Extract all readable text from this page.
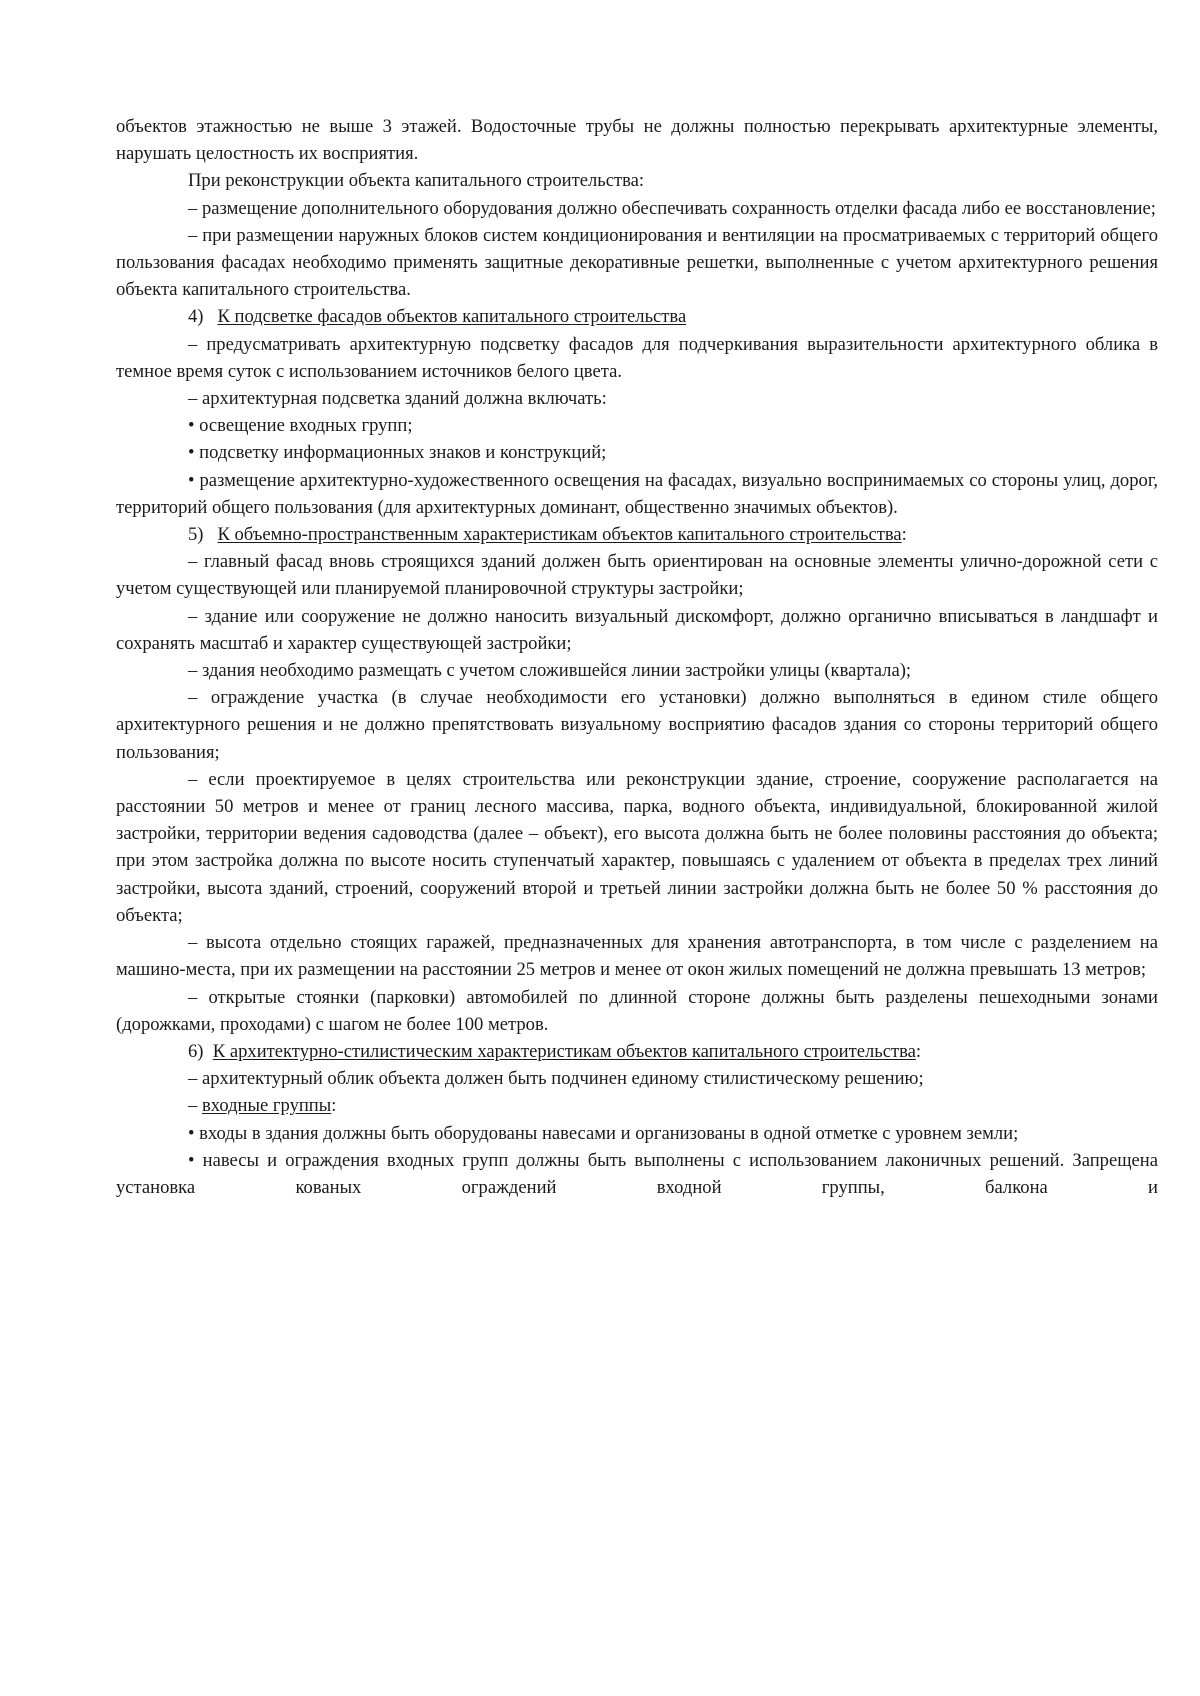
объектов этажностью не выше 3 этажей. Водосточные трубы не должны полностью перекрывать архитектурные элементы, нарушать целостность их восприятия.

При реконструкции объекта капитального строительства:

– размещение дополнительного оборудования должно обеспечивать сохранность отделки фасада либо ее восстановление;

– при размещении наружных блоков систем кондиционирования и вентиляции на просматриваемых с территорий общего пользования фасадах необходимо применять защитные декоративные решетки, выполненные с учетом архитектурного решения объекта капитального строительства.

4) К подсветке фасадов объектов капитального строительства

– предусматривать архитектурную подсветку фасадов для подчеркивания выразительности архитектурного облика в темное время суток с использованием источников белого цвета.

– архитектурная подсветка зданий должна включать:

• освещение входных групп;

• подсветку информационных знаков и конструкций;

• размещение архитектурно-художественного освещения на фасадах, визуально воспринимаемых со стороны улиц, дорог, территорий общего пользования (для архитектурных доминант, общественно значимых объектов).

5) К объемно-пространственным характеристикам объектов капитального строительства:

– главный фасад вновь строящихся зданий должен быть ориентирован на основные элементы улично-дорожной сети с учетом существующей или планируемой планировочной структуры застройки;

– здание или сооружение не должно наносить визуальный дискомфорт, должно органично вписываться в ландшафт и сохранять масштаб и характер существующей застройки;

– здания необходимо размещать с учетом сложившейся линии застройки улицы (квартала);

– ограждение участка (в случае необходимости его установки) должно выполняться в едином стиле общего архитектурного решения и не должно препятствовать визуальному восприятию фасадов здания со стороны территорий общего пользования;

– если проектируемое в целях строительства или реконструкции здание, строение, сооружение располагается на расстоянии 50 метров и менее от границ лесного массива, парка, водного объекта, индивидуальной, блокированной жилой застройки, территории ведения садоводства (далее – объект), его высота должна быть не более половины расстояния до объекта; при этом застройка должна по высоте носить ступенчатый характер, повышаясь с удалением от объекта в пределах трех линий застройки, высота зданий, строений, сооружений второй и третьей линии застройки должна быть не более 50 % расстояния до объекта;

– высота отдельно стоящих гаражей, предназначенных для хранения автотранспорта, в том числе с разделением на машино-места, при их размещении на расстоянии 25 метров и менее от окон жилых помещений не должна превышать 13 метров;

– открытые стоянки (парковки) автомобилей по длинной стороне должны быть разделены пешеходными зонами (дорожками, проходами) с шагом не более 100 метров.

6) К архитектурно-стилистическим характеристикам объектов капитального строительства:

– архитектурный облик объекта должен быть подчинен единому стилистическому решению;

– входные группы:

• входы в здания должны быть оборудованы навесами и организованы в одной отметке с уровнем земли;

• навесы и ограждения входных групп должны быть выполнены с использованием лаконичных решений. Запрещена установка кованых ограждений входной группы, балкона и
